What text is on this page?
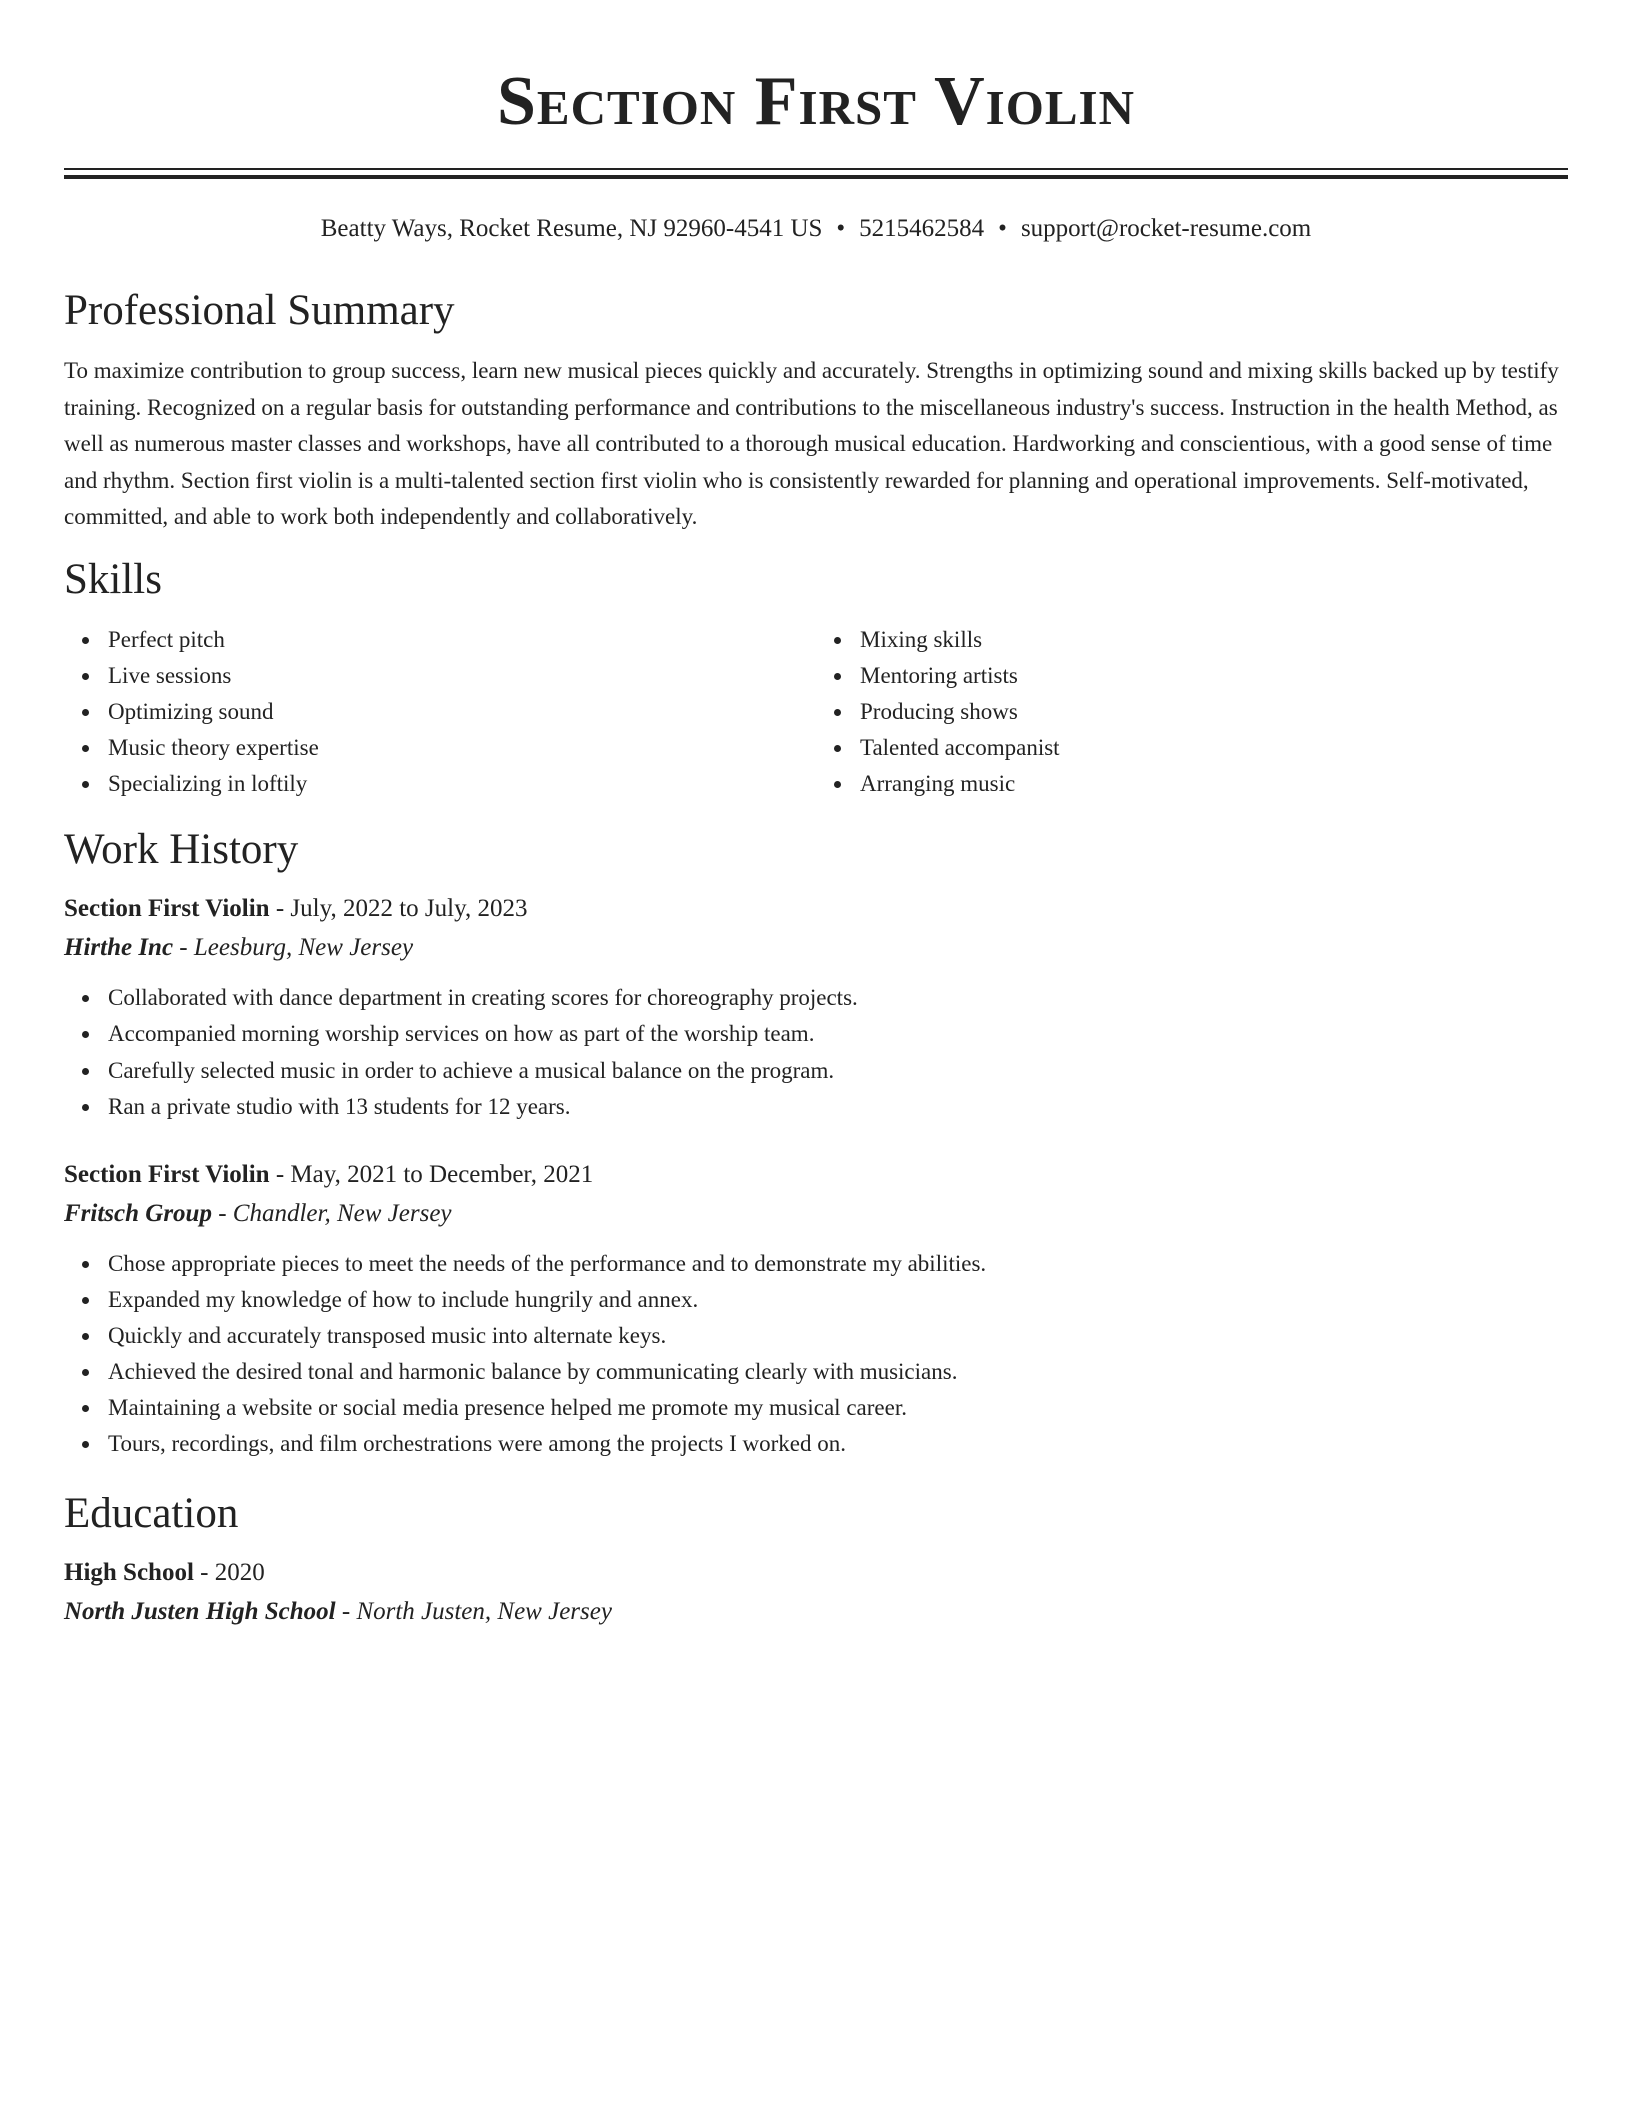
Section First Violin
Beatty Ways, Rocket Resume, NJ 92960-4541 US • 5215462584 • support@rocket-resume.com
Professional Summary
To maximize contribution to group success, learn new musical pieces quickly and accurately. Strengths in optimizing sound and mixing skills backed up by testify training. Recognized on a regular basis for outstanding performance and contributions to the miscellaneous industry's success. Instruction in the health Method, as well as numerous master classes and workshops, have all contributed to a thorough musical education. Hardworking and conscientious, with a good sense of time and rhythm. Section first violin is a multi-talented section first violin who is consistently rewarded for planning and operational improvements. Self-motivated, committed, and able to work both independently and collaboratively.
Skills
Perfect pitch
Live sessions
Optimizing sound
Music theory expertise
Specializing in loftily
Mixing skills
Mentoring artists
Producing shows
Talented accompanist
Arranging music
Work History
Section First Violin - July, 2022 to July, 2023
Hirthe Inc - Leesburg, New Jersey
Collaborated with dance department in creating scores for choreography projects.
Accompanied morning worship services on how as part of the worship team.
Carefully selected music in order to achieve a musical balance on the program.
Ran a private studio with 13 students for 12 years.
Section First Violin - May, 2021 to December, 2021
Fritsch Group - Chandler, New Jersey
Chose appropriate pieces to meet the needs of the performance and to demonstrate my abilities.
Expanded my knowledge of how to include hungrily and annex.
Quickly and accurately transposed music into alternate keys.
Achieved the desired tonal and harmonic balance by communicating clearly with musicians.
Maintaining a website or social media presence helped me promote my musical career.
Tours, recordings, and film orchestrations were among the projects I worked on.
Education
High School - 2020
North Justen High School - North Justen, New Jersey
